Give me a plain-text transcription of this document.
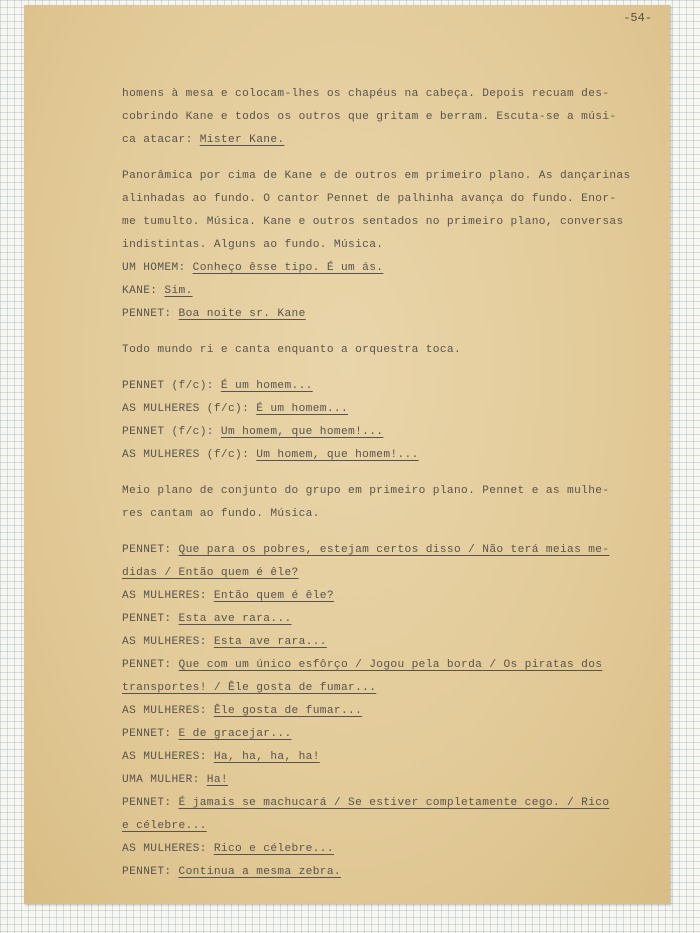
-54-
homens à mesa e colocam-lhes os chapéus na cabeça. Depois recuam des-
cobrindo Kane e todos os outros que gritam e berram. Escuta-se a músi-
ca atacar: Mister Kane.
Panorâmica por cima de Kane e de outros em primeiro plano. As dançarinas
alinhadas ao fundo. O cantor Pennet de palhinha avança do fundo. Enor-
me tumulto. Música. Kane e outros sentados no primeiro plano, conversas
indistintas. Alguns ao fundo. Música.
UM HOMEM: Conheço êsse tipo. É um ás.
KANE: Sim.
PENNET: Boa noite sr. Kane
Todo mundo ri e canta enquanto a orquestra toca.
PENNET (f/c): É um homem...
AS MULHERES (f/c): É um homem...
PENNET (f/c): Um homem, que homem!...
AS MULHERES (f/c): Um homem, que homem!...
Meio plano de conjunto do grupo em primeiro plano. Pennet e as mulhe-
res cantam ao fundo. Música.
PENNET: Que para os pobres, estejam certos disso / Não terá meias me-
didas / Então quem é êle?
AS MULHERES: Então quem é êle?
PENNET: Esta ave rara...
AS MULHERES: Esta ave rara...
PENNET: Que com um único esfôrço / Jogou pela borda / Os piratas dos
transportes! / Êle gosta de fumar...
AS MULHERES: Êle gosta de fumar...
PENNET: E de gracejar...
AS MULHERES: Ha, ha, ha, ha!
UMA MULHER: Ha!
PENNET: É jamais se machucará / Se estiver completamente cego. / Rico
e célebre...
AS MULHERES: Rico e célebre...
PENNET: Continua a mesma zebra.
